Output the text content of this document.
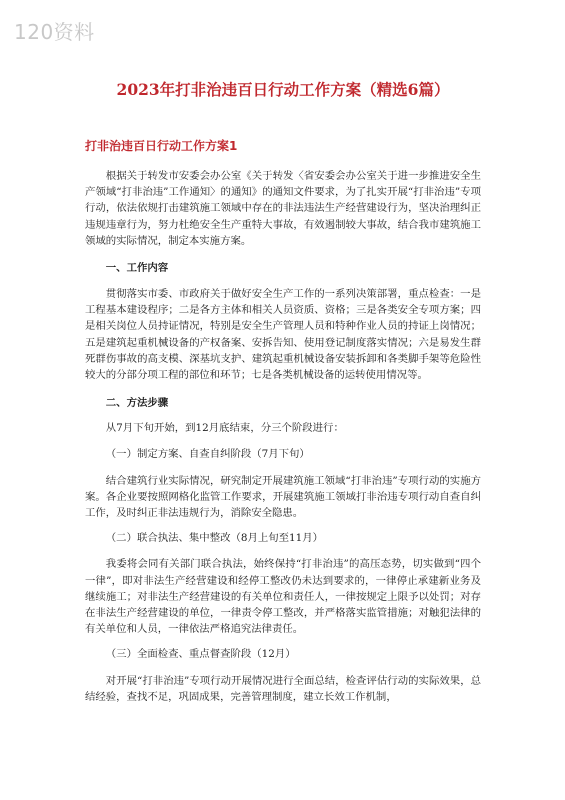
120资料
2023年打非治违百日行动工作方案（精选6篇）
打非治违百日行动工作方案1

根据关于转发市安委会办公室《关于转发〈省安委会办公室关于进一步推进安全生产领域“打非治违”工作通知〉的通知》的通知文件要求，为了扎实开展“打非治违”专项行动，依法依规打击建筑施工领域中存在的非法违法生产经营建设行为，坚决治理纠正违规违章行为，努力杜绝安全生产重特大事故，有效遏制较大事故，结合我市建筑施工领域的实际情况，制定本实施方案。

一、工作内容

贯彻落实市委、市政府关于做好安全生产工作的一系列决策部署，重点检查：一是工程基本建设程序；二是各方主体和相关人员资质、资格；三是各类安全专项方案；四是相关岗位人员持证情况，特别是安全生产管理人员和特种作业人员的持证上岗情况；五是建筑起重机械设备的产权备案、安拆告知、使用登记制度落实情况；六是易发生群死群伤事故的高支模、深基坑支护、建筑起重机械设备安装拆卸和各类脚手架等危险性较大的分部分项工程的部位和环节；七是各类机械设备的运转使用情况等。

二、方法步骤

从7月下旬开始，到12月底结束，分三个阶段进行：

（一）制定方案、自查自纠阶段（7月下旬）

结合建筑行业实际情况，研究制定开展建筑施工领域“打非治违”专项行动的实施方案。各企业要按照网格化监管工作要求，开展建筑施工领域打非治违专项行动自查自纠工作，及时纠正非法违规行为，消除安全隐患。

（二）联合执法、集中整改（8月上旬至11月）

我委将会同有关部门联合执法，始终保持“打非治违”的高压态势，切实做到“四个一律”，即对非法生产经营建设和经停工整改仍未达到要求的，一律停止承建新业务及继续施工；对非法生产经营建设的有关单位和责任人，一律按规定上限予以处罚；对存在非法生产经营建设的单位，一律责令停工整改，并严格落实监管措施；对触犯法律的有关单位和人员，一律依法严格追究法律责任。

（三）全面检查、重点督查阶段（12月）

对开展“打非治违”专项行动开展情况进行全面总结，检查评估行动的实际效果，总结经验，查找不足，巩固成果，完善管理制度，建立长效工作机制，
